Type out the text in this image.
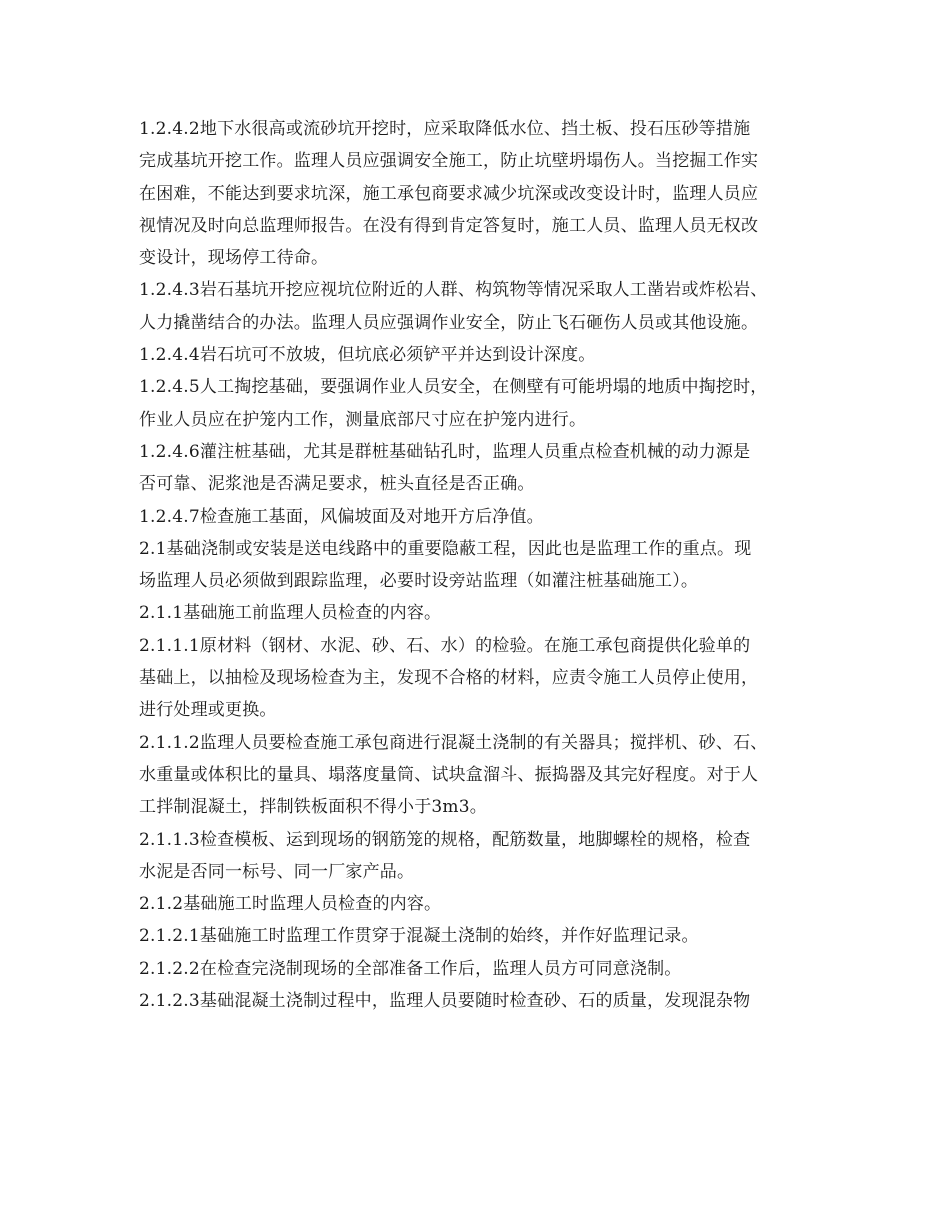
1.2.4.2地下水很高或流砂坑开挖时，应采取降低水位、挡土板、投石压砂等措施
完成基坑开挖工作。监理人员应强调安全施工，防止坑壁坍塌伤人。当挖掘工作实
在困难，不能达到要求坑深，施工承包商要求减少坑深或改变设计时，监理人员应
视情况及时向总监理师报告。在没有得到肯定答复时，施工人员、监理人员无权改
变设计，现场停工待命。

1.2.4.3岩石基坑开挖应视坑位附近的人群、构筑物等情况采取人工凿岩或炸松岩、
人力撬凿结合的办法。监理人员应强调作业安全，防止飞石砸伤人员或其他设施。

1.2.4.4岩石坑可不放坡，但坑底必须铲平并达到设计深度。

1.2.4.5人工掏挖基础，要强调作业人员安全，在侧壁有可能坍塌的地质中掏挖时，
作业人员应在护笼内工作，测量底部尺寸应在护笼内进行。

1.2.4.6灌注桩基础，尤其是群桩基础钻孔时，监理人员重点检查机械的动力源是
否可靠、泥浆池是否满足要求，桩头直径是否正确。

1.2.4.7检查施工基面，风偏坡面及对地开方后净值。

2.1基础浇制或安装是送电线路中的重要隐蔽工程，因此也是监理工作的重点。现
场监理人员必须做到跟踪监理，必要时设旁站监理（如灌注桩基础施工）。

2.1.1基础施工前监理人员检查的内容。

2.1.1.1原材料（钢材、水泥、砂、石、水）的检验。在施工承包商提供化验单的
基础上，以抽检及现场检查为主，发现不合格的材料，应责令施工人员停止使用，
进行处理或更换。

2.1.1.2监理人员要检查施工承包商进行混凝土浇制的有关器具；搅拌机、砂、石、
水重量或体积比的量具、塌落度量筒、试块盒溜斗、振捣器及其完好程度。对于人
工拌制混凝土，拌制铁板面积不得小于3m3。

2.1.1.3检查模板、运到现场的钢筋笼的规格，配筋数量，地脚螺栓的规格，检查
水泥是否同一标号、同一厂家产品。

2.1.2基础施工时监理人员检查的内容。

2.1.2.1基础施工时监理工作贯穿于混凝土浇制的始终，并作好监理记录。

2.1.2.2在检查完浇制现场的全部准备工作后，监理人员方可同意浇制。

2.1.2.3基础混凝土浇制过程中，监理人员要随时检查砂、石的质量，发现混杂物
